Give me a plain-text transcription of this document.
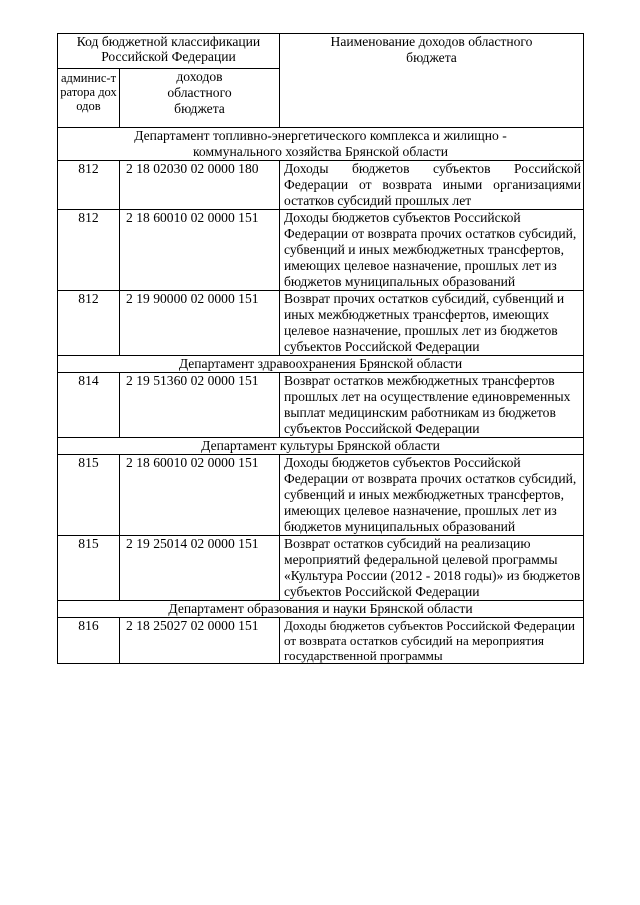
Код бюджетной классификации Российской Федерации		Наименование доходов областного бюджета

админис-тратора доходов	доходов областного бюджета	

Департамент топливно-энергетического комплекса и жилищно - коммунального хозяйства Брянской области		

812	2 18 02030 02 0000 180	Доходы бюджетов субъектов Российской Федерации от возврата иными организациями остатков субсидий прошлых лет
812	2 18 60010 02 0000 151	Доходы бюджетов субъектов Российской Федерации от возврата прочих остатков субсидий, субвенций и иных межбюджетных трансфертов, имеющих целевое назначение, прошлых лет из бюджетов муниципальных образований
812	2 19 90000 02 0000 151	Возврат прочих остатков субсидий, субвенций и иных межбюджетных трансфертов, имеющих целевое назначение, прошлых лет из бюджетов субъектов Российской Федерации
Департамент здравоохранения Брянской области		
814	2 19 51360 02 0000 151	Возврат остатков межбюджетных трансфертов прошлых лет на осуществление единовременных выплат медицинским работникам из бюджетов субъектов Российской Федерации
Департамент культуры Брянской области		
815	2 18 60010 02 0000 151	Доходы бюджетов субъектов Российской Федерации от возврата прочих остатков субсидий, субвенций и иных межбюджетных трансфертов, имеющих целевое назначение, прошлых лет из бюджетов муниципальных образований
815	2 19 25014 02 0000 151	Возврат остатков субсидий на реализацию мероприятий федеральной целевой программы «Культура России (2012 - 2018 годы)» из бюджетов субъектов Российской Федерации
Департамент образования и науки Брянской области		
816	2 18 25027 02 0000 151	Доходы бюджетов субъектов Российской Федерации от возврата остатков субсидий на мероприятия государственной программы
